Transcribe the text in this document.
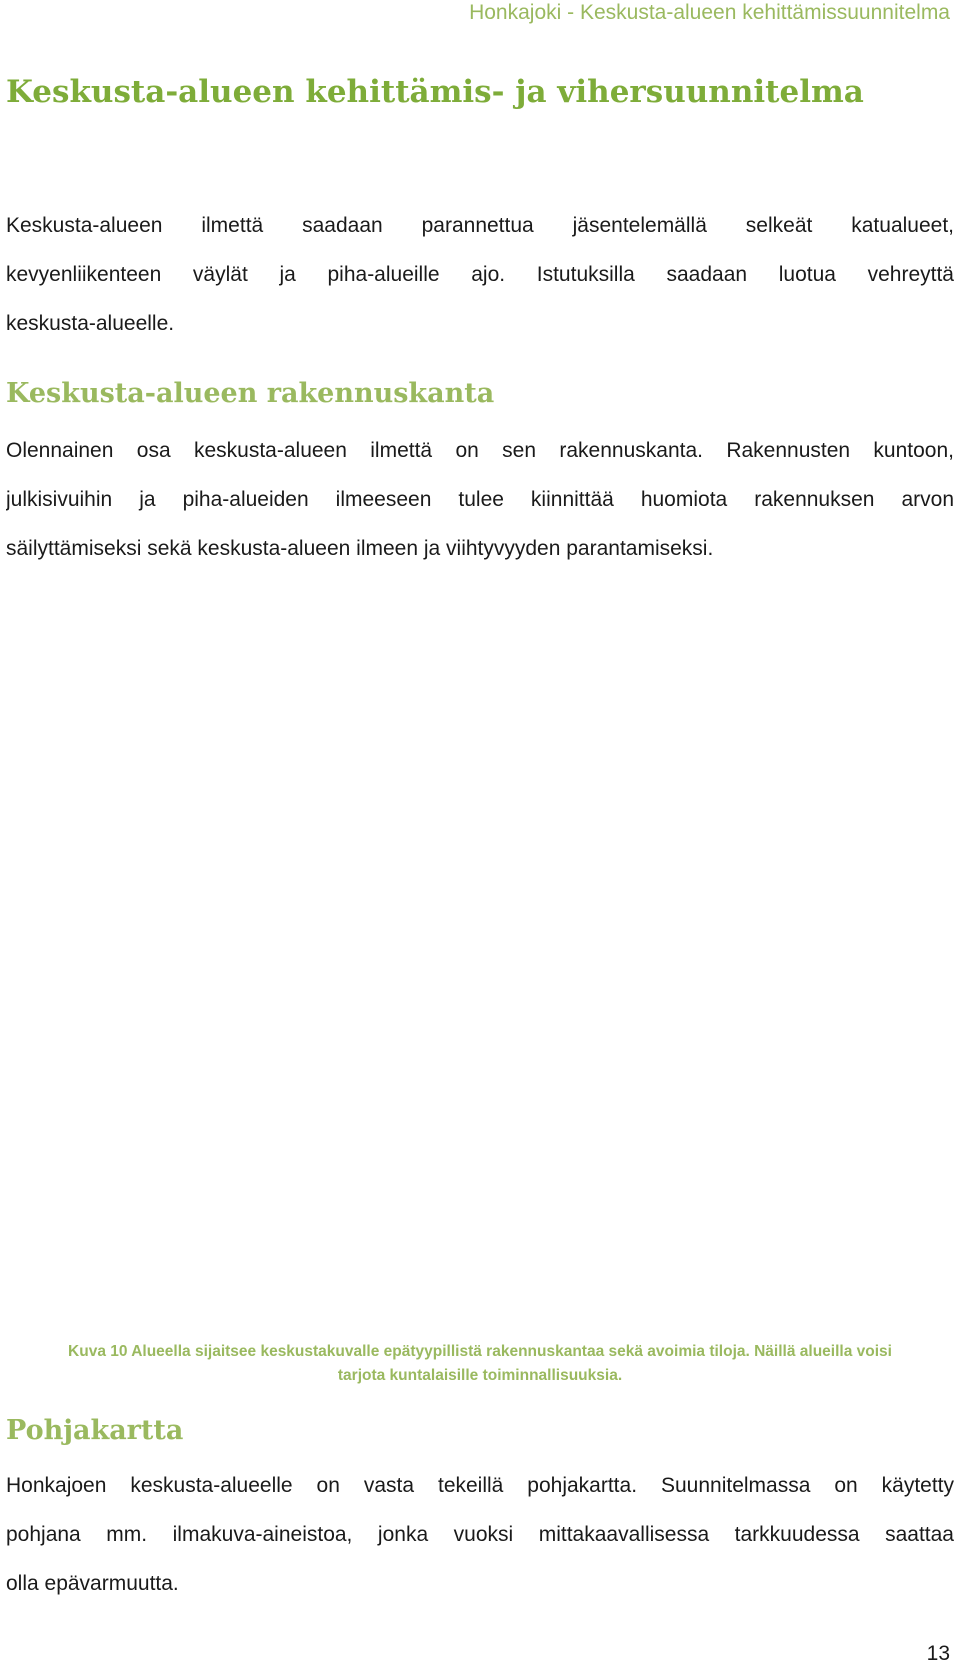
Honkajoki - Keskusta-alueen kehittämissuunnitelma
Keskusta-alueen kehittämis- ja vihersuunnitelma
Keskusta-alueen ilmettä saadaan parannettua jäsentelemällä selkeät katualueet,
kevyenliikenteen väylät ja piha-alueille ajo. Istutuksilla saadaan luotua vehreyttä
keskusta-alueelle.
Keskusta-alueen rakennuskanta
Olennainen osa keskusta-alueen ilmettä on sen rakennuskanta. Rakennusten kuntoon,
julkisivuihin ja piha-alueiden ilmeeseen tulee kiinnittää huomiota rakennuksen arvon
säilyttämiseksi sekä keskusta-alueen ilmeen ja viihtyvyyden parantamiseksi.
Kuva 10 Alueella sijaitsee keskustakuvalle epätyypillistä rakennuskantaa sekä avoimia tiloja. Näillä alueilla voisi
tarjota kuntalaisille toiminnallisuuksia.
Pohjakartta
Honkajoen keskusta-alueelle on vasta tekeillä pohjakartta. Suunnitelmassa on käytetty
pohjana mm. ilmakuva-aineistoa, jonka vuoksi mittakaavallisessa tarkkuudessa saattaa
olla epävarmuutta.
13
